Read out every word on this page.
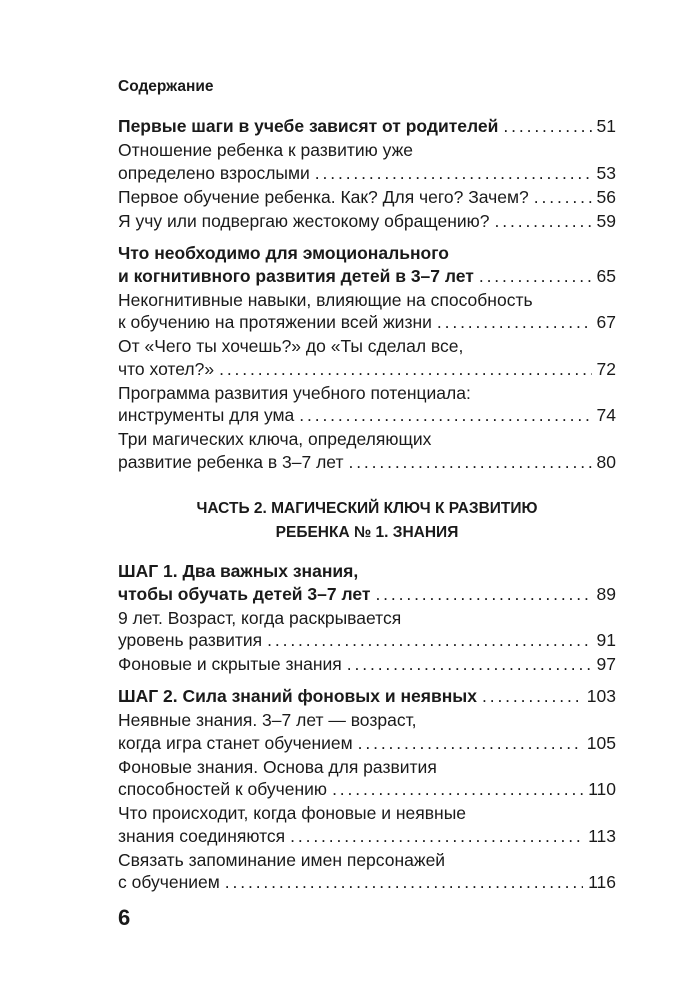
Содержание
Первые шаги в учебе зависят от родителей . . .	51
Отношение ребенка к развитию уже
определено взрослыми . . .	53
Первое обучение ребенка. Как? Для чего? Зачем? . . .	56
Я учу или подвергаю жестокому обращению? . . .	59
Что необходимо для эмоционального
и когнитивного развития детей в 3–7 лет . . .	65
Некогнитивные навыки, влияющие на способность
к обучению на протяжении всей жизни . . .	67
От «Чего ты хочешь?» до «Ты сделал все,
что хотел?» . . .	72
Программа развития учебного потенциала:
инструменты для ума . . .	74
Три магических ключа, определяющих
развитие ребенка в 3–7 лет . . .	80
ЧАСТЬ 2. МАГИЧЕСКИЙ КЛЮЧ К РАЗВИТИЮ
РЕБЕНКА № 1. ЗНАНИЯ
ШАГ 1. Два важных знания,
чтобы обучать детей 3–7 лет . . .	89
9 лет. Возраст, когда раскрывается
уровень развития . . .	91
Фоновые и скрытые знания . . .	97
ШАГ 2. Сила знаний фоновых и неявных . . .	103
Неявные знания. 3–7 лет — возраст,
когда игра станет обучением . . .	105
Фоновые знания. Основа для развития
способностей к обучению . . .	110
Что происходит, когда фоновые и неявные
знания соединяются . . .	113
Связать запоминание имен персонажей
с обучением . . .	116
6
